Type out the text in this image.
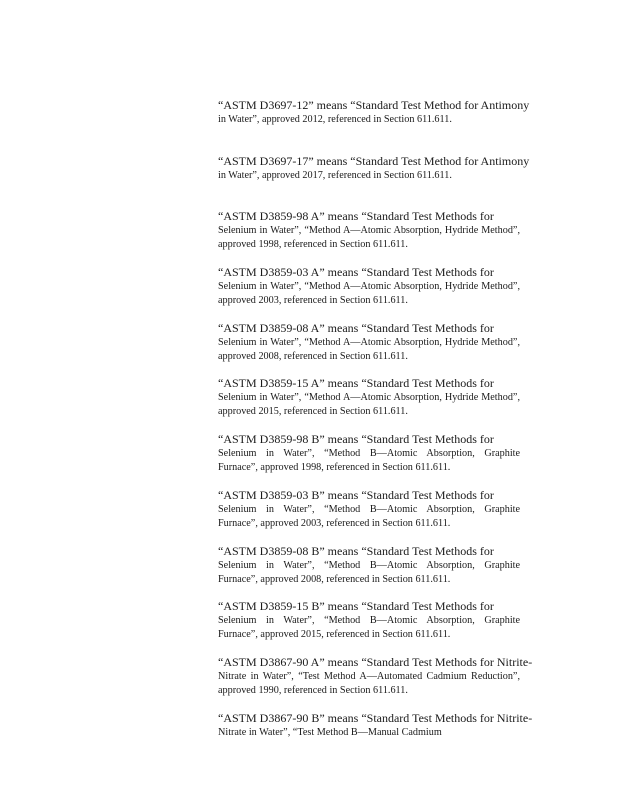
“ASTM D3697-12” means “Standard Test Method for Antimony
in Water”, approved 2012, referenced in Section 611.611.
“ASTM D3697-17” means “Standard Test Method for Antimony
in Water”, approved 2017, referenced in Section 611.611.
“ASTM D3859-98 A” means “Standard Test Methods for
Selenium in Water”, “Method A—Atomic Absorption, Hydride Method”, approved 1998, referenced in Section 611.611.
“ASTM D3859-03 A” means “Standard Test Methods for
Selenium in Water”, “Method A—Atomic Absorption, Hydride Method”, approved 2003, referenced in Section 611.611.
“ASTM D3859-08 A” means “Standard Test Methods for
Selenium in Water”, “Method A—Atomic Absorption, Hydride Method”, approved 2008, referenced in Section 611.611.
“ASTM D3859-15 A” means “Standard Test Methods for
Selenium in Water”, “Method A—Atomic Absorption, Hydride Method”, approved 2015, referenced in Section 611.611.
“ASTM D3859-98 B” means “Standard Test Methods for
Selenium in Water”, “Method B—Atomic Absorption, Graphite Furnace”, approved 1998, referenced in Section 611.611.
“ASTM D3859-03 B” means “Standard Test Methods for
Selenium in Water”, “Method B—Atomic Absorption, Graphite Furnace”, approved 2003, referenced in Section 611.611.
“ASTM D3859-08 B” means “Standard Test Methods for
Selenium in Water”, “Method B—Atomic Absorption, Graphite Furnace”, approved 2008, referenced in Section 611.611.
“ASTM D3859-15 B” means “Standard Test Methods for
Selenium in Water”, “Method B—Atomic Absorption, Graphite Furnace”, approved 2015, referenced in Section 611.611.
“ASTM D3867-90 A” means “Standard Test Methods for Nitrite-
Nitrate in Water”, “Test Method A—Automated Cadmium Reduction”, approved 1990, referenced in Section 611.611.
“ASTM D3867-90 B” means “Standard Test Methods for Nitrite-
Nitrate in Water”, “Test Method B—Manual Cadmium
